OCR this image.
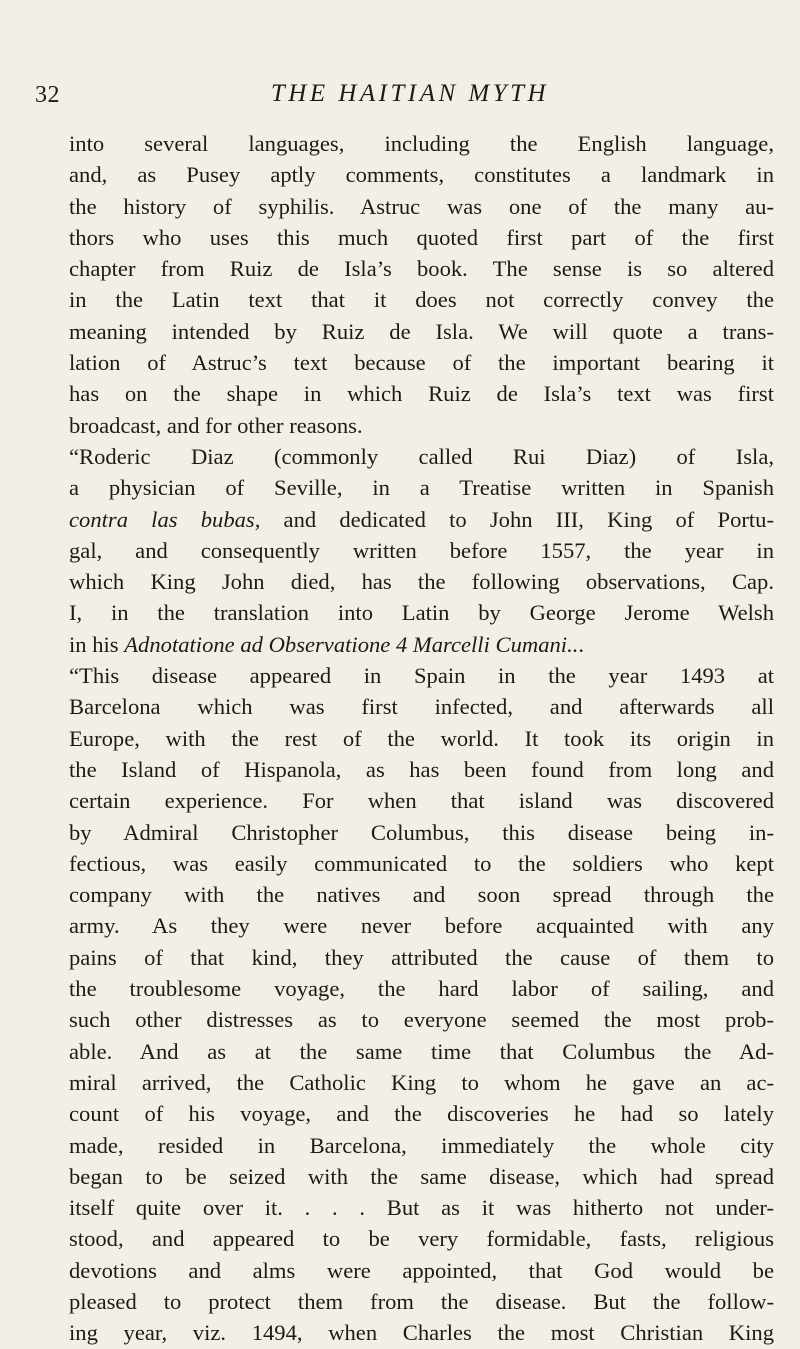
32	THE HAITIAN MYTH
into several languages, including the English language,
and, as Pusey aptly comments, constitutes a landmark in
the history of syphilis. Astruc was one of the many au-
thors who uses this much quoted first part of the first
chapter from Ruiz de Isla’s book. The sense is so altered
in the Latin text that it does not correctly convey the
meaning intended by Ruiz de Isla. We will quote a trans-
lation of Astruc’s text because of the important bearing it
has on the shape in which Ruiz de Isla’s text was first
broadcast, and for other reasons.
“Roderic Diaz (commonly called Rui Diaz) of Isla,
a physician of Seville, in a Treatise written in Spanish
contra las bubas, and dedicated to John III, King of Portu-
gal, and consequently written before 1557, the year in
which King John died, has the following observations, Cap.
I, in the translation into Latin by George Jerome Welsh
in his Adnotatione ad Observatione 4 Marcelli Cumani...
“This disease appeared in Spain in the year 1493 at
Barcelona which was first infected, and afterwards all
Europe, with the rest of the world. It took its origin in
the Island of Hispanola, as has been found from long and
certain experience. For when that island was discovered
by Admiral Christopher Columbus, this disease being in-
fectious, was easily communicated to the soldiers who kept
company with the natives and soon spread through the
army. As they were never before acquainted with any
pains of that kind, they attributed the cause of them to
the troublesome voyage, the hard labor of sailing, and
such other distresses as to everyone seemed the most prob-
able. And as at the same time that Columbus the Ad-
miral arrived, the Catholic King to whom he gave an ac-
count of his voyage, and the discoveries he had so lately
made, resided in Barcelona, immediately the whole city
began to be seized with the same disease, which had spread
itself quite over it. . . . But as it was hitherto not under-
stood, and appeared to be very formidable, fasts, religious
devotions and alms were appointed, that God would be
pleased to protect them from the disease. But the follow-
ing year, viz. 1494, when Charles the most Christian King
